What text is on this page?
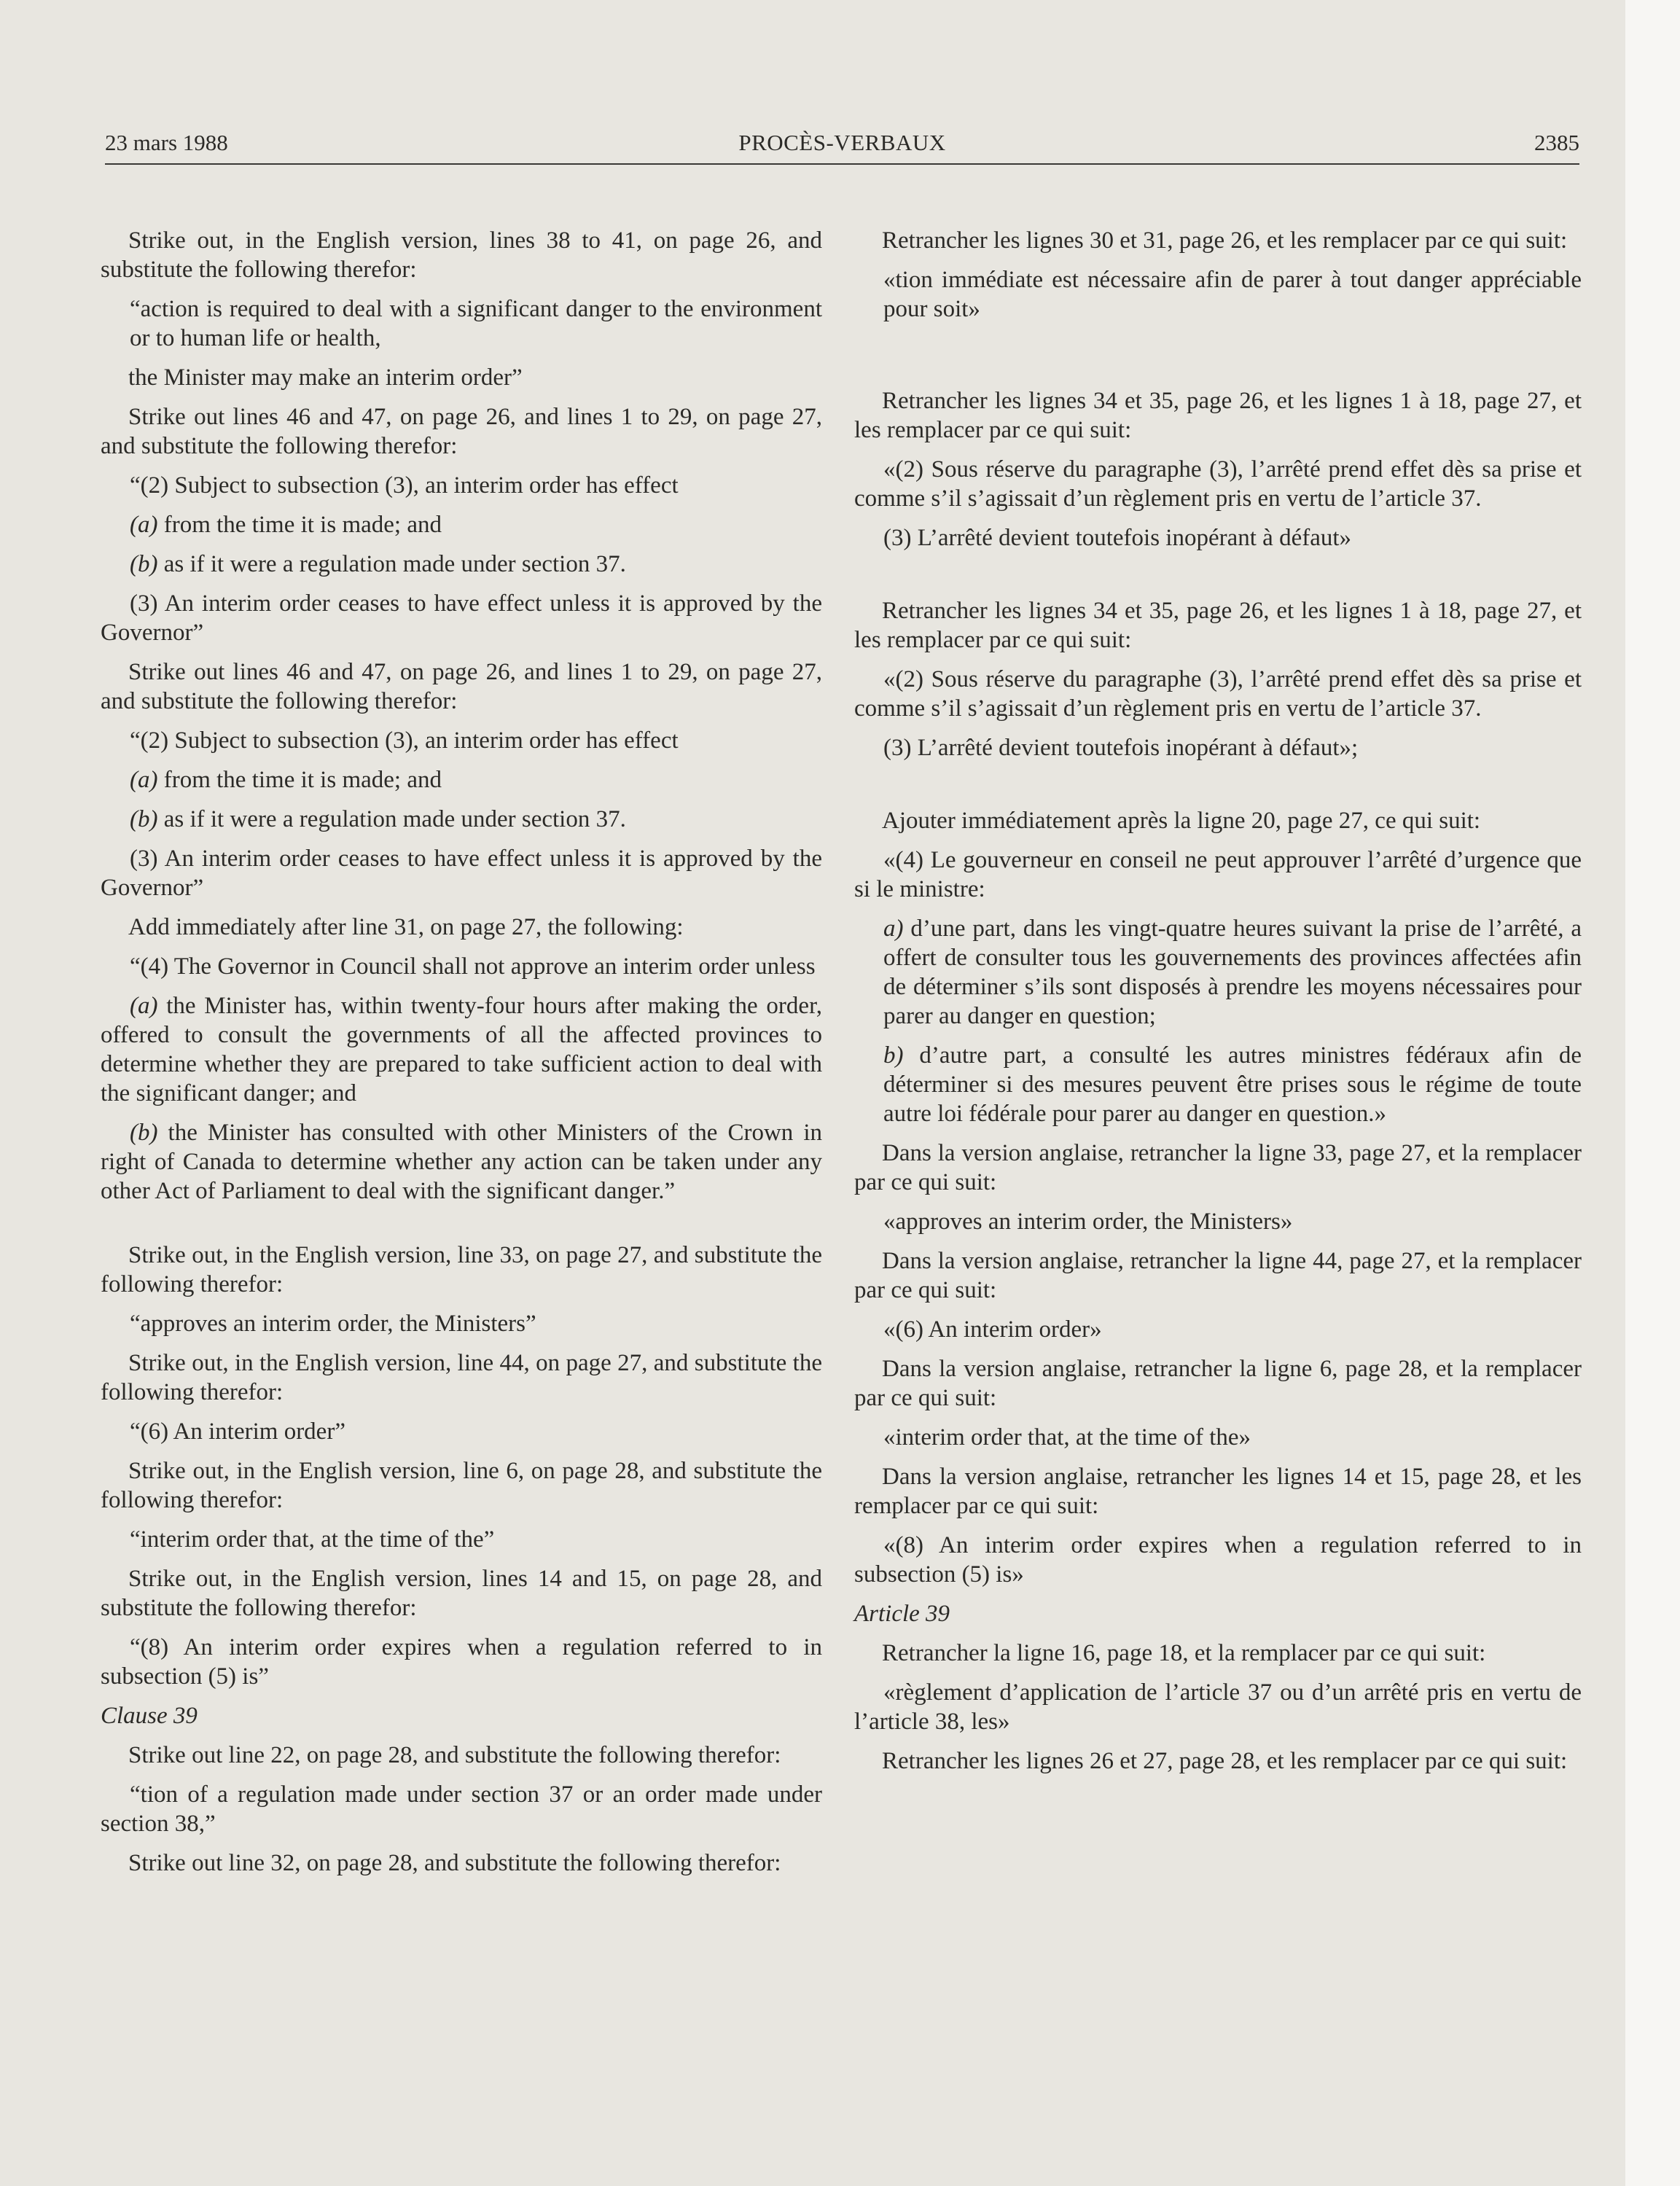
23 mars 1988	PROCÈS-VERBAUX	2385

Strike out, in the English version, lines 38 to 41, on page 26, and substitute the following therefor:

“action is required to deal with a significant danger to the environment or to human life or health,

the Minister may make an interim order”

Strike out lines 46 and 47, on page 26, and lines 1 to 29, on page 27, and substitute the following therefor:

“(2) Subject to subsection (3), an interim order has effect

(a) from the time it is made; and

(b) as if it were a regulation made under section 37.

(3) An interim order ceases to have effect unless it is approved by the Governor”

Strike out lines 46 and 47, on page 26, and lines 1 to 29, on page 27, and substitute the following therefor:

“(2) Subject to subsection (3), an interim order has effect

(a) from the time it is made; and

(b) as if it were a regulation made under section 37.

(3) An interim order ceases to have effect unless it is approved by the Governor”

Add immediately after line 31, on page 27, the following:

“(4) The Governor in Council shall not approve an interim order unless

(a) the Minister has, within twenty-four hours after making the order, offered to consult the governments of all the affected provinces to determine whether they are prepared to take sufficient action to deal with the significant danger; and

(b) the Minister has consulted with other Ministers of the Crown in right of Canada to determine whether any action can be taken under any other Act of Parliament to deal with the significant danger.”

Strike out, in the English version, line 33, on page 27, and substitute the following therefor:

“approves an interim order, the Ministers”

Strike out, in the English version, line 44, on page 27, and substitute the following therefor:

“(6) An interim order”

Strike out, in the English version, line 6, on page 28, and substitute the following therefor:

“interim order that, at the time of the”

Strike out, in the English version, lines 14 and 15, on page 28, and substitute the following therefor:

“(8) An interim order expires when a regulation referred to in subsection (5) is”

Clause 39

Strike out line 22, on page 28, and substitute the following therefor:

“tion of a regulation made under section 37 or an order made under section 38,”

Strike out line 32, on page 28, and substitute the following therefor:

Retrancher les lignes 30 et 31, page 26, et les remplacer par ce qui suit:

«tion immédiate est nécessaire afin de parer à tout danger appréciable pour soit»

Retrancher les lignes 34 et 35, page 26, et les lignes 1 à 18, page 27, et les remplacer par ce qui suit:

«(2) Sous réserve du paragraphe (3), l’arrêté prend effet dès sa prise et comme s’il s’agissait d’un règlement pris en vertu de l’article 37.

(3) L’arrêté devient toutefois inopérant à défaut»

Retrancher les lignes 34 et 35, page 26, et les lignes 1 à 18, page 27, et les remplacer par ce qui suit:

«(2) Sous réserve du paragraphe (3), l’arrêté prend effet dès sa prise et comme s’il s’agissait d’un règlement pris en vertu de l’article 37.

(3) L’arrêté devient toutefois inopérant à défaut»;

Ajouter immédiatement après la ligne 20, page 27, ce qui suit:

«(4) Le gouverneur en conseil ne peut approuver l’arrêté d’urgence que si le ministre:

a) d’une part, dans les vingt-quatre heures suivant la prise de l’arrêté, a offert de consulter tous les gouvernements des provinces affectées afin de déterminer s’ils sont disposés à prendre les moyens nécessaires pour parer au danger en question;

b) d’autre part, a consulté les autres ministres fédéraux afin de déterminer si des mesures peuvent être prises sous le régime de toute autre loi fédérale pour parer au danger en question.»

Dans la version anglaise, retrancher la ligne 33, page 27, et la remplacer par ce qui suit:

«approves an interim order, the Ministers»

Dans la version anglaise, retrancher la ligne 44, page 27, et la remplacer par ce qui suit:

«(6) An interim order»

Dans la version anglaise, retrancher la ligne 6, page 28, et la remplacer par ce qui suit:

«interim order that, at the time of the»

Dans la version anglaise, retrancher les lignes 14 et 15, page 28, et les remplacer par ce qui suit:

«(8) An interim order expires when a regulation referred to in subsection (5) is»

Article 39

Retrancher la ligne 16, page 18, et la remplacer par ce qui suit:

«règlement d’application de l’article 37 ou d’un arrêté pris en vertu de l’article 38, les»

Retrancher les lignes 26 et 27, page 28, et les remplacer par ce qui suit:
